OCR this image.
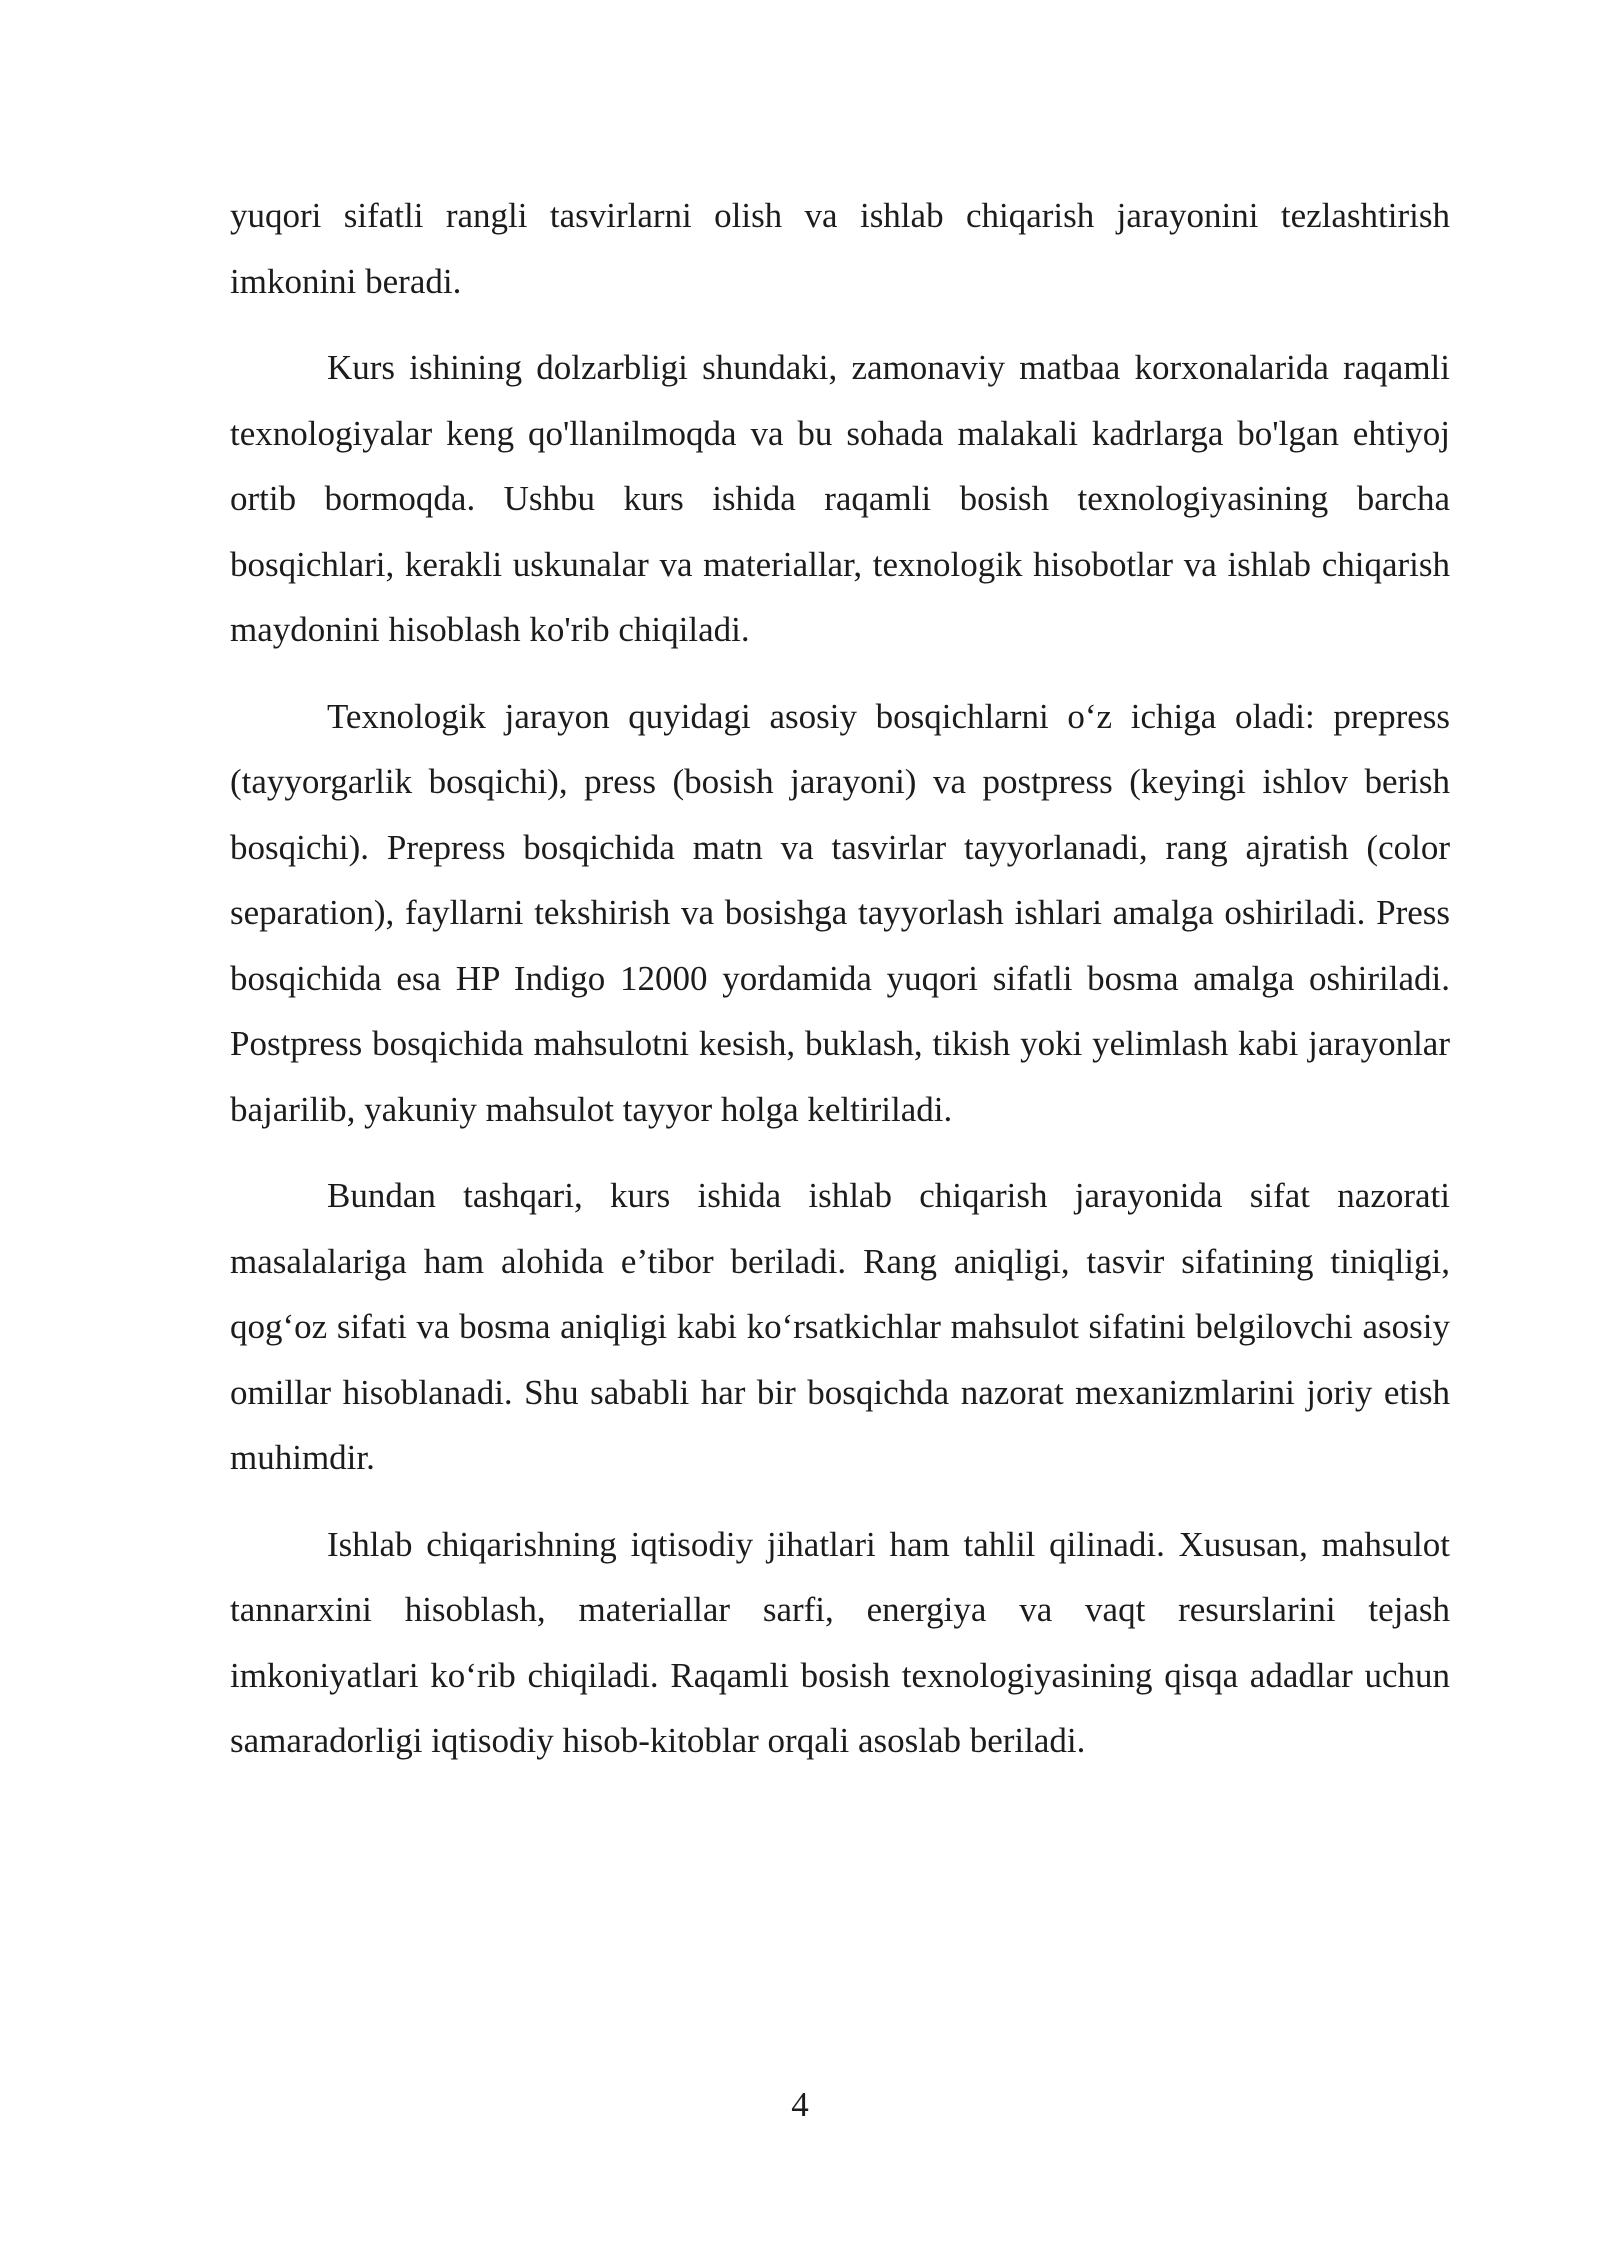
yuqori sifatli rangli tasvirlarni olish va ishlab chiqarish jarayonini tezlashtirish imkonini beradi.

Kurs ishining dolzarbligi shundaki, zamonaviy matbaa korxonalarida raqamli texnologiyalar keng qo'llanilmoqda va bu sohada malakali kadrlarga bo'lgan ehtiyoj ortib bormoqda. Ushbu kurs ishida raqamli bosish texnologiyasining barcha bosqichlari, kerakli uskunalar va materiallar, texnologik hisobotlar va ishlab chiqarish maydonini hisoblash ko'rib chiqiladi.

Texnologik jarayon quyidagi asosiy bosqichlarni oʻz ichiga oladi: prepress (tayyorgarlik bosqichi), press (bosish jarayoni) va postpress (keyingi ishlov berish bosqichi). Prepress bosqichida matn va tasvirlar tayyorlanadi, rang ajratish (color separation), fayllarni tekshirish va bosishga tayyorlash ishlari amalga oshiriladi. Press bosqichida esa HP Indigo 12000 yordamida yuqori sifatli bosma amalga oshiriladi. Postpress bosqichida mahsulotni kesish, buklash, tikish yoki yelimlash kabi jarayonlar bajarilib, yakuniy mahsulot tayyor holga keltiriladi.

Bundan tashqari, kurs ishida ishlab chiqarish jarayonida sifat nazorati masalalariga ham alohida e’tibor beriladi. Rang aniqligi, tasvir sifatining tiniqligi, qogʻoz sifati va bosma aniqligi kabi koʻrsatkichlar mahsulot sifatini belgilovchi asosiy omillar hisoblanadi. Shu sababli har bir bosqichda nazorat mexanizmlarini joriy etish muhimdir.

Ishlab chiqarishning iqtisodiy jihatlari ham tahlil qilinadi. Xususan, mahsulot tannarxini hisoblash, materiallar sarfi, energiya va vaqt resurslarini tejash imkoniyatlari koʻrib chiqiladi. Raqamli bosish texnologiyasining qisqa adadlar uchun samaradorligi iqtisodiy hisob-kitoblar orqali asoslab beriladi.

4
